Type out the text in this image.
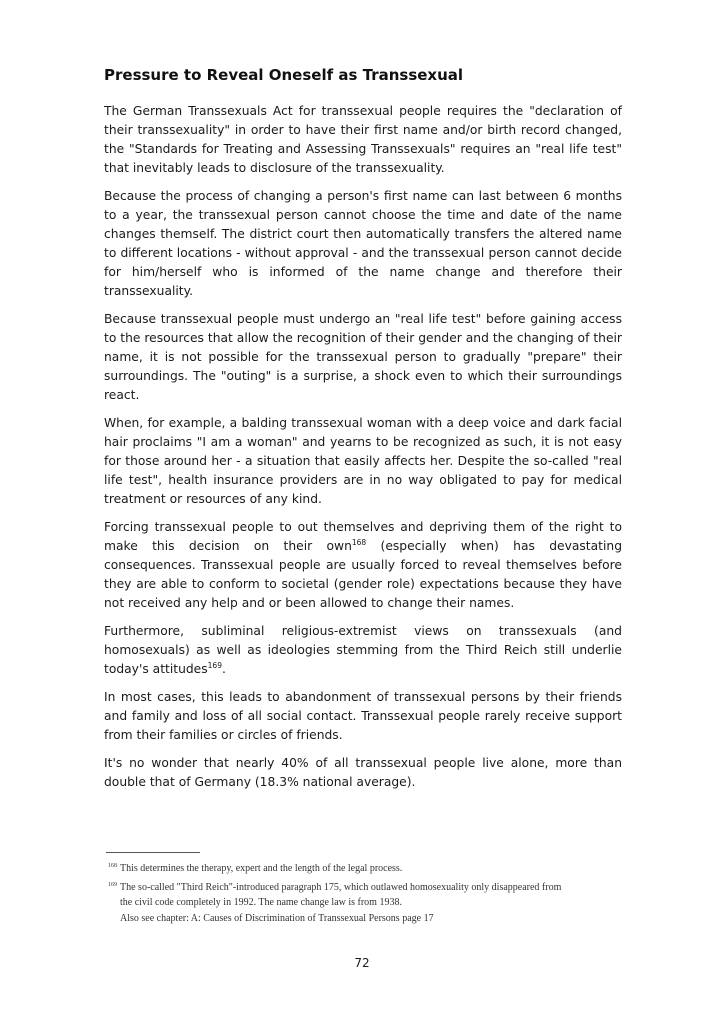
Pressure to Reveal Oneself as Transsexual

The German Transsexuals Act for transsexual people requires the "declaration of their transsexuality" in order to have their first name and/or birth record changed, the "Standards for Treating and Assessing Transsexuals" requires an "real life test" that inevitably leads to disclosure of the transsexuality.

Because the process of changing a person's first name can last between 6 months to a year, the transsexual person cannot choose the time and date of the name changes themself. The district court then automatically transfers the altered name to different locations - without approval - and the transsexual person cannot decide for him/herself who is informed of the name change and therefore their transsexuality.

Because transsexual people must undergo an "real life test" before gaining access to the resources that allow the recognition of their gender and the changing of their name, it is not possible for the transsexual person to gradually "prepare" their surroundings. The "outing" is a surprise, a shock even to which their surroundings react.

When, for example, a balding transsexual woman with a deep voice and dark facial hair proclaims "I am a woman" and yearns to be recognized as such, it is not easy for those around her - a situation that easily affects her. Despite the so-called "real life test", health insurance providers are in no way obligated to pay for medical treatment or resources of any kind.

Forcing transsexual people to out themselves and depriving them of the right to make this decision on their own$^{168}$ (especially when) has devastating consequences. Transsexual people are usually forced to reveal themselves before they are able to conform to societal (gender role) expectations because they have not received any help and or been allowed to change their names.

Furthermore, subliminal religious-extremist views on transsexuals (and homosexuals) as well as ideologies stemming from the Third Reich still underlie today's attitudes$^{169}$.

In most cases, this leads to abandonment of transsexual persons by their friends and family and loss of all social contact. Transsexual people rarely receive support from their families or circles of friends.

It's no wonder that nearly 40% of all transsexual people live alone, more than double that of Germany (18.3% national average).

168 This determines the therapy, expert and the length of the legal process.
169 The so-called "Third Reich"-introduced paragraph 175, which outlawed homosexuality only disappeared from
the civil code completely in 1992. The name change law is from 1938.
Also see chapter: A: Causes of Discrimination of Transsexual Persons page 17
72
